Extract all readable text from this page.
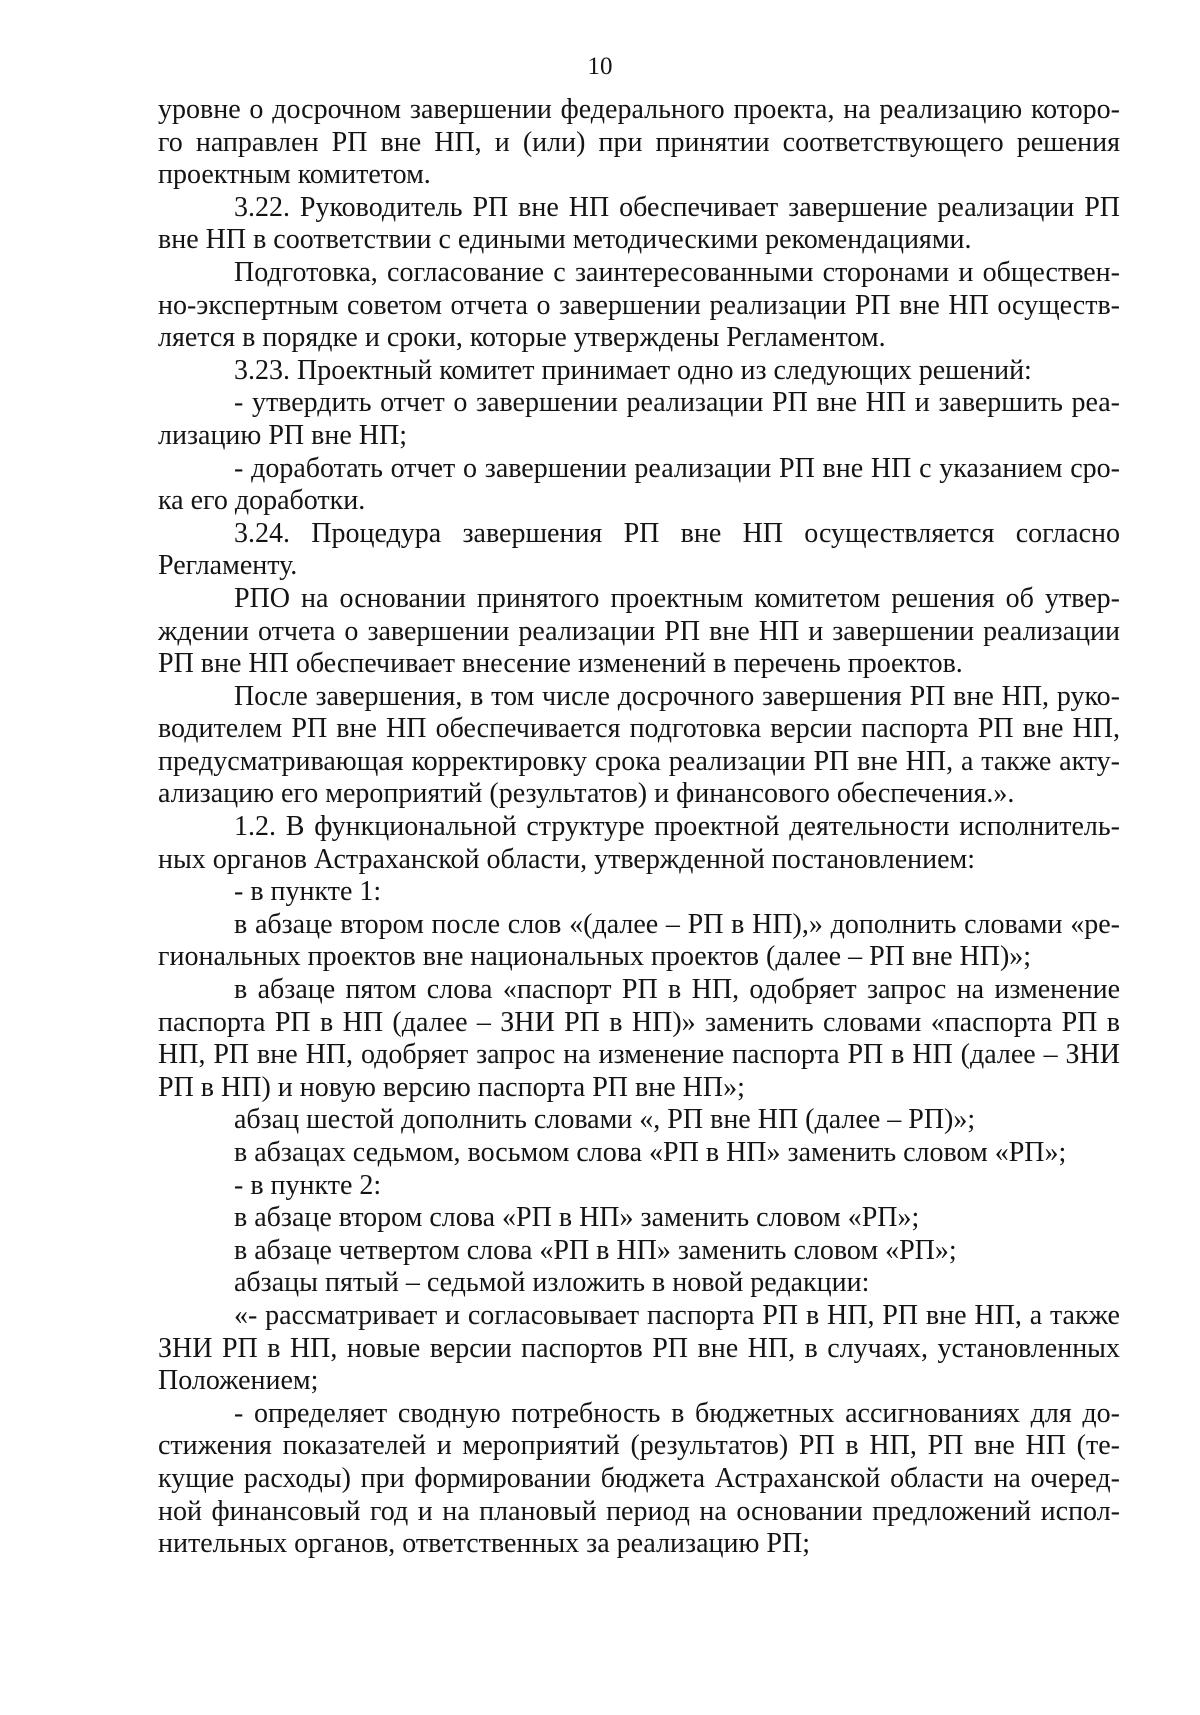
10

уровне о досрочном завершении федерального проекта, на реализацию которого направлен РП вне НП, и (или) при принятии соответствующего решения проектным комитетом.

3.22. Руководитель РП вне НП обеспечивает завершение реализации РП вне НП в соответствии с едиными методическими рекомендациями.

Подготовка, согласование с заинтересованными сторонами и общественно-экспертным советом отчета о завершении реализации РП вне НП осуществляется в порядке и сроки, которые утверждены Регламентом.

3.23. Проектный комитет принимает одно из следующих решений:

- утвердить отчет о завершении реализации РП вне НП и завершить реализацию РП вне НП;

- доработать отчет о завершении реализации РП вне НП с указанием срока его доработки.

3.24. Процедура завершения РП вне НП осуществляется согласно Регламенту.

РПО на основании принятого проектным комитетом решения об утверждении отчета о завершении реализации РП вне НП и завершении реализации РП вне НП обеспечивает внесение изменений в перечень проектов.

После завершения, в том числе досрочного завершения РП вне НП, руководителем РП вне НП обеспечивается подготовка версии паспорта РП вне НП, предусматривающая корректировку срока реализации РП вне НП, а также актуализацию его мероприятий (результатов) и финансового обеспечения.».

1.2. В функциональной структуре проектной деятельности исполнительных органов Астраханской области, утвержденной постановлением:

- в пункте 1:

в абзаце втором после слов «(далее – РП в НП),» дополнить словами «региональных проектов вне национальных проектов (далее – РП вне НП)»;

в абзаце пятом слова «паспорт РП в НП, одобряет запрос на изменение паспорта РП в НП (далее – ЗНИ РП в НП)» заменить словами «паспорта РП в НП, РП вне НП, одобряет запрос на изменение паспорта РП в НП (далее – ЗНИ РП в НП) и новую версию паспорта РП вне НП»;

абзац шестой дополнить словами «, РП вне НП (далее – РП)»;

в абзацах седьмом, восьмом слова «РП в НП» заменить словом «РП»;

- в пункте 2:

в абзаце втором слова «РП в НП» заменить словом «РП»;

в абзаце четвертом слова «РП в НП» заменить словом «РП»;

абзацы пятый – седьмой изложить в новой редакции:

«- рассматривает и согласовывает паспорта РП в НП, РП вне НП, а также ЗНИ РП в НП, новые версии паспортов РП вне НП, в случаях, установленных Положением;

- определяет сводную потребность в бюджетных ассигнованиях для достижения показателей и мероприятий (результатов) РП в НП, РП вне НП (текущие расходы) при формировании бюджета Астраханской области на очередной финансовый год и на плановый период на основании предложений исполнительных органов, ответственных за реализацию РП;
